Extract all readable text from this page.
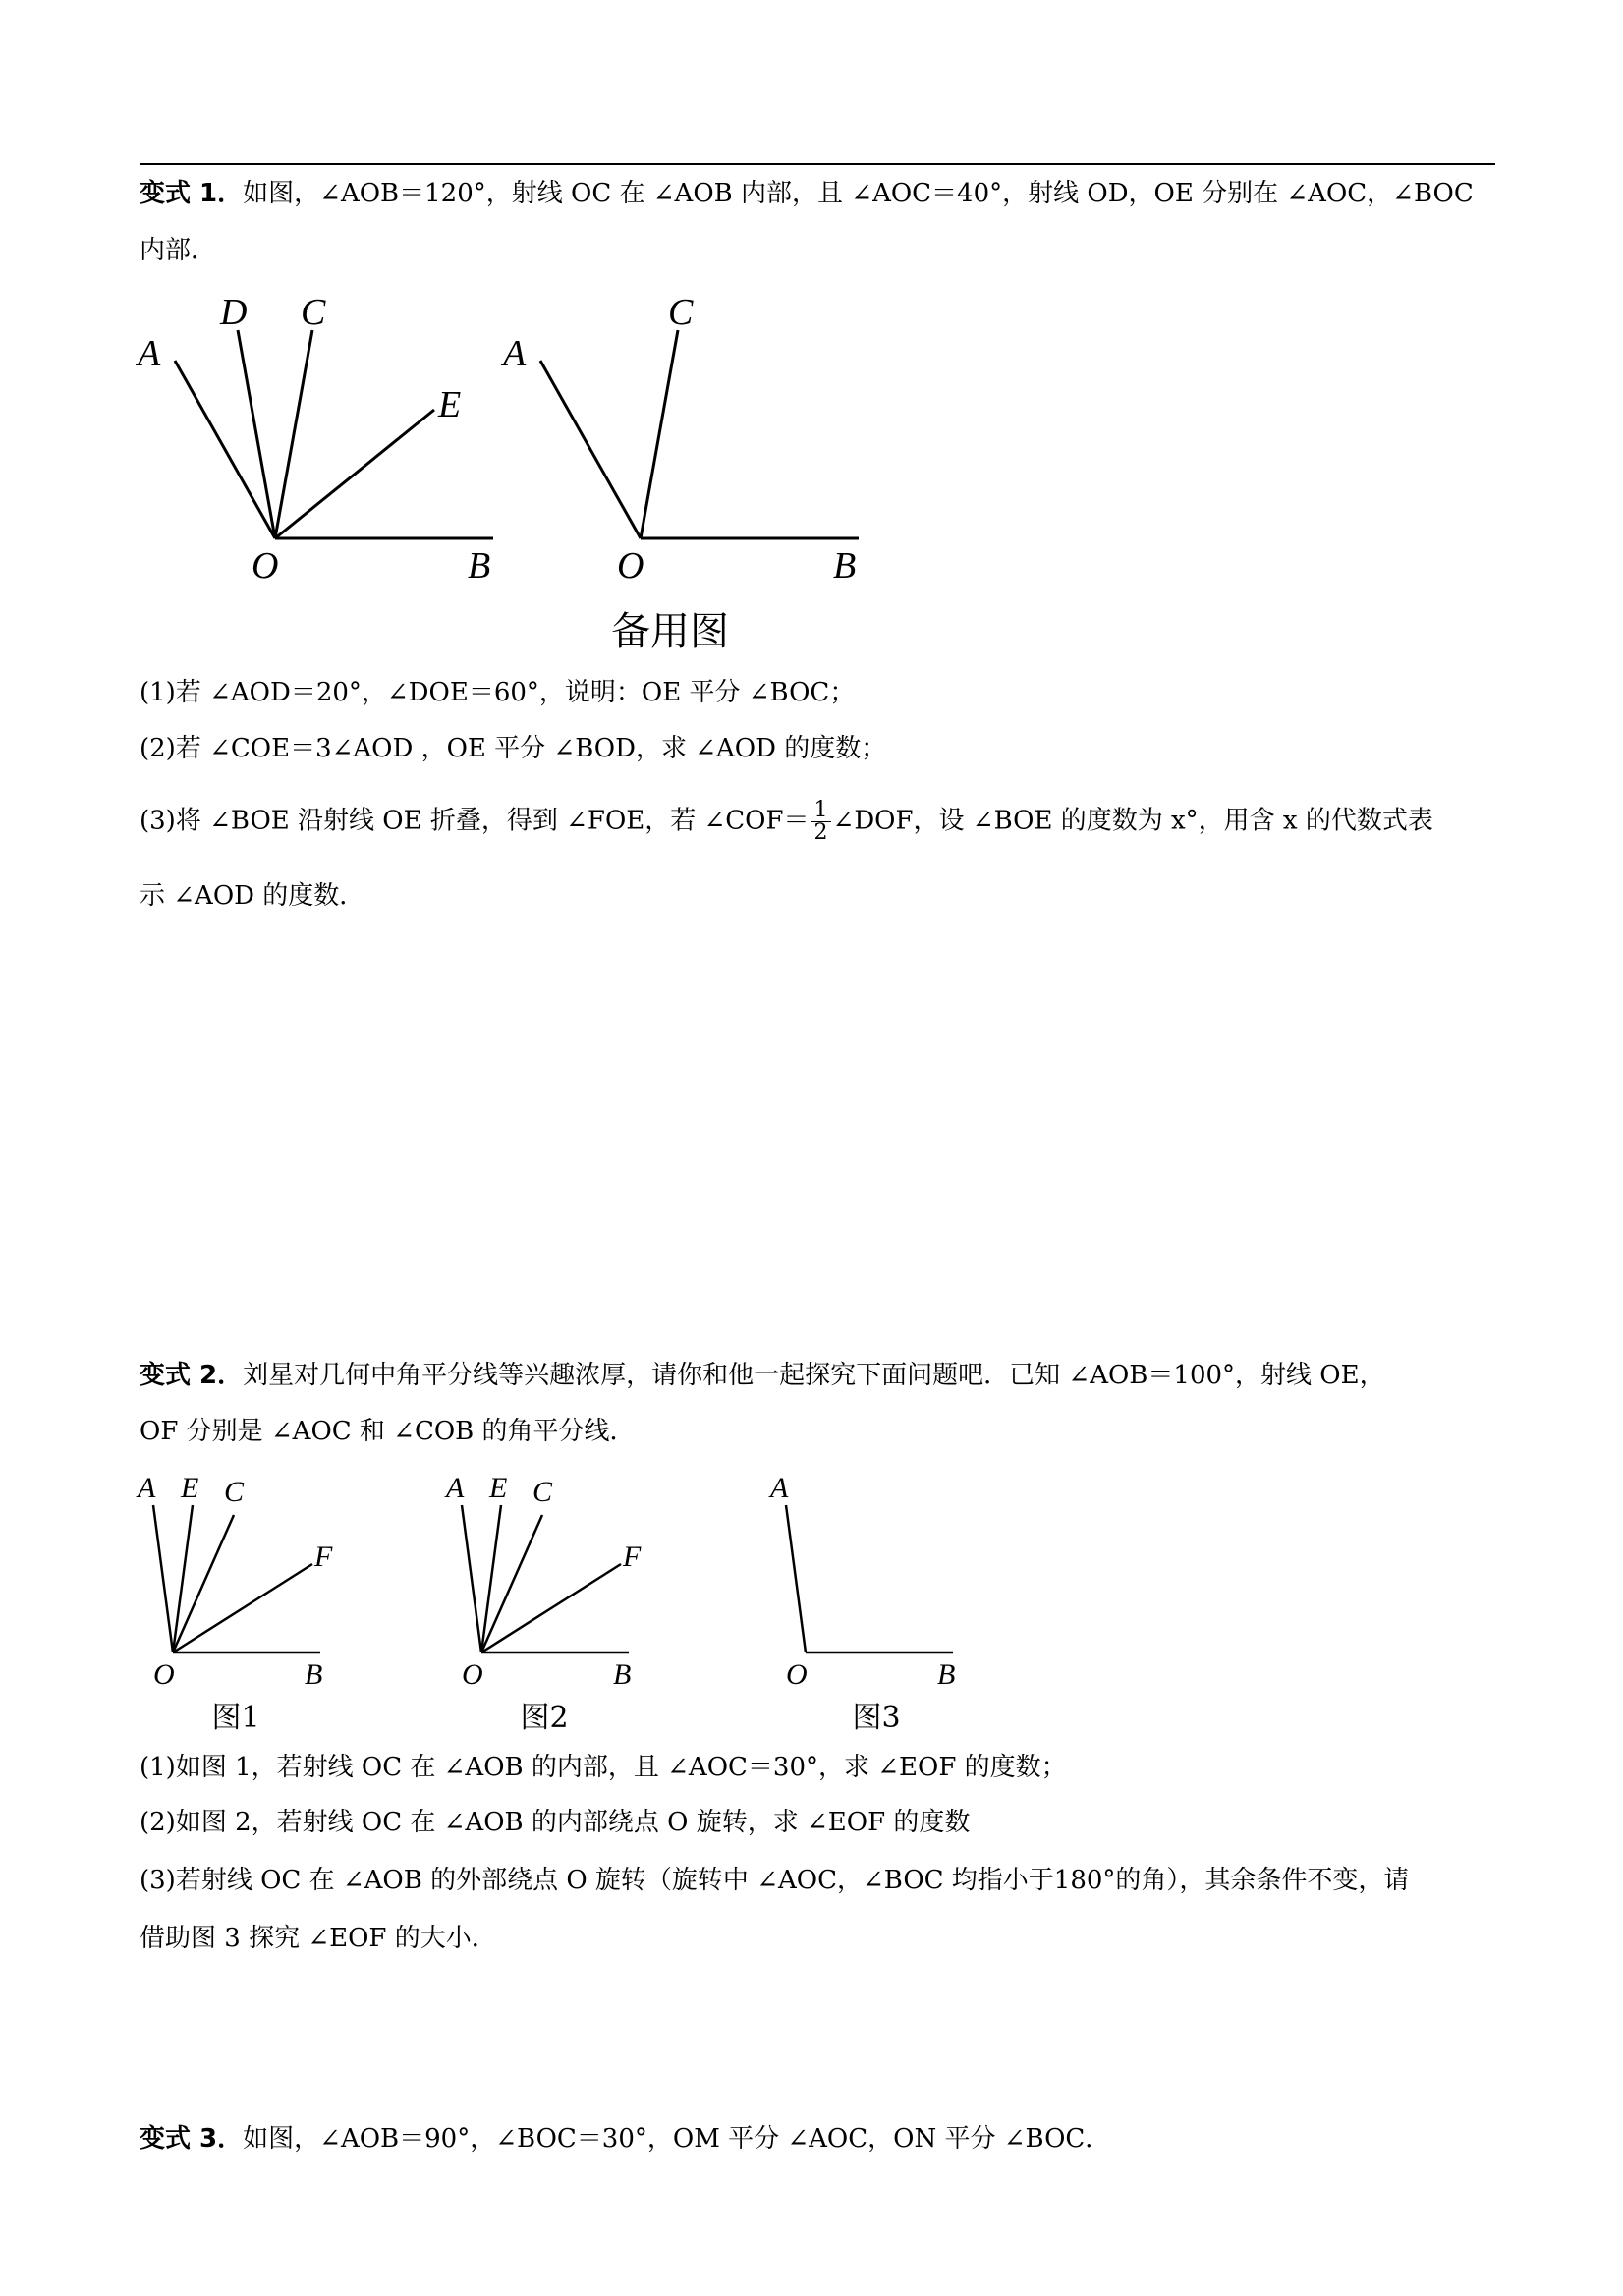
变式 1．如图，∠AOB＝120°，射线 OC 在 ∠AOB 内部，且 ∠AOC＝40°，射线 OD，OE 分别在 ∠AOC，∠BOC
内部．
A
D C
E
O	B
A
C
O	B
备用图
(1)若 ∠AOD＝20°，∠DOE＝60°，说明：OE 平分 ∠BOC；
(2)若 ∠COE＝3∠AOD ，OE 平分 ∠BOD，求 ∠AOD 的度数；
(3)将 ∠BOE 沿射线 OE 折叠，得到 ∠FOE，若 ∠COF＝ $\frac{1}{2}$ ∠DOF，设 ∠BOE 的度数为 x°，用含 x 的代数式表
示 ∠AOD 的度数．
变式 2．刘星对几何中角平分线等兴趣浓厚，请你和他一起探究下面问题吧．已知 ∠AOB＝100°，射线 OE，
OF 分别是 ∠AOC 和 ∠COB 的角平分线．
A E C
F
O	B
A E C
F
O	B
A
O	B
图1	图2	图3
(1)如图 1，若射线 OC 在 ∠AOB 的内部，且 ∠AOC＝30°，求 ∠EOF 的度数；
(2)如图 2，若射线 OC 在 ∠AOB 的内部绕点 O 旋转，求 ∠EOF 的度数
(3)若射线 OC 在 ∠AOB 的外部绕点 O 旋转（旋转中 ∠AOC，∠BOC 均指小于180°的角），其余条件不变，请
借助图 3 探究 ∠EOF 的大小．
变式 3．如图，∠AOB＝90°，∠BOC＝30°，OM 平分 ∠AOC，ON 平分 ∠BOC．
